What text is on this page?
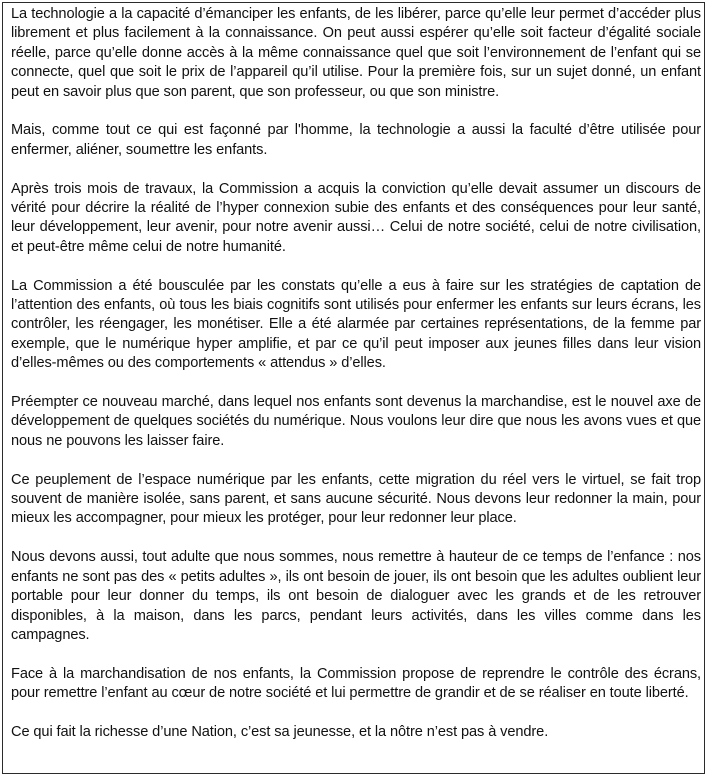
La technologie a la capacité d’émanciper les enfants, de les libérer, parce qu’elle leur permet d’accéder plus librement et plus facilement à la connaissance. On peut aussi espérer qu’elle soit facteur d’égalité sociale réelle, parce qu’elle donne accès à la même connaissance quel que soit l’environnement de l’enfant qui se connecte, quel que soit le prix de l’appareil qu’il utilise. Pour la première fois, sur un sujet donné, un enfant peut en savoir plus que son parent, que son professeur, ou que son ministre.

Mais, comme tout ce qui est façonné par l'homme, la technologie a aussi la faculté d’être utilisée pour enfermer, aliéner, soumettre les enfants.

Après trois mois de travaux, la Commission a acquis la conviction qu’elle devait assumer un discours de vérité pour décrire la réalité de l’hyper connexion subie des enfants et des conséquences pour leur santé, leur développement, leur avenir, pour notre avenir aussi… Celui de notre société, celui de notre civilisation, et peut-être même celui de notre humanité.

La Commission a été bousculée par les constats qu’elle a eus à faire sur les stratégies de captation de l’attention des enfants, où tous les biais cognitifs sont utilisés pour enfermer les enfants sur leurs écrans, les contrôler, les réengager, les monétiser. Elle a été alarmée par certaines représentations, de la femme par exemple, que le numérique hyper amplifie, et par ce qu’il peut imposer aux jeunes filles dans leur vision d’elles-mêmes ou des comportements « attendus » d’elles.

Préempter ce nouveau marché, dans lequel nos enfants sont devenus la marchandise, est le nouvel axe de développement de quelques sociétés du numérique. Nous voulons leur dire que nous les avons vues et que nous ne pouvons les laisser faire.

Ce peuplement de l’espace numérique par les enfants, cette migration du réel vers le virtuel, se fait trop souvent de manière isolée, sans parent, et sans aucune sécurité. Nous devons leur redonner la main, pour mieux les accompagner, pour mieux les protéger, pour leur redonner leur place.

Nous devons aussi, tout adulte que nous sommes, nous remettre à hauteur de ce temps de l’enfance : nos enfants ne sont pas des « petits adultes », ils ont besoin de jouer, ils ont besoin que les adultes oublient leur portable pour leur donner du temps, ils ont besoin de dialoguer avec les grands et de les retrouver disponibles, à la maison, dans les parcs, pendant leurs activités, dans les villes comme dans les campagnes.

Face à la marchandisation de nos enfants, la Commission propose de reprendre le contrôle des écrans, pour remettre l’enfant au cœur de notre société et lui permettre de grandir et de se réaliser en toute liberté.

Ce qui fait la richesse d’une Nation, c’est sa jeunesse, et la nôtre n’est pas à vendre.
